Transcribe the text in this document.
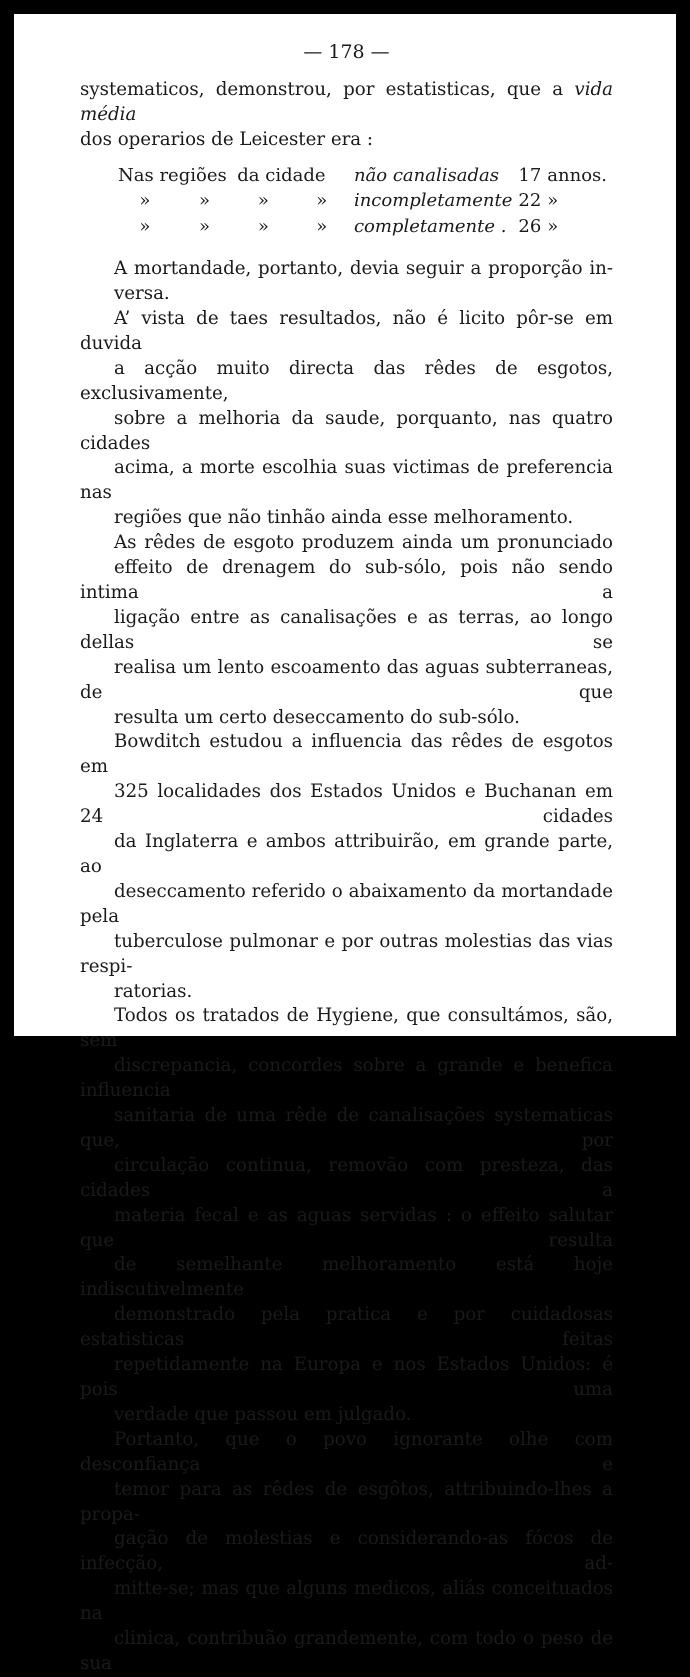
— 178 —

systematicos, demonstrou, por estatisticas, que a vida média
dos operarios de Leicester era :

Nas regiões		da cidade		não canalisadas	17	annos.
»	»	»	»	incompletamente	22	»
»	»	»	»	completamente .	26	»

A mortandade, portanto, devia seguir a proporção in-
versa.

A’ vista de taes resultados, não é licito pôr-se em duvida
a acção muito directa das rêdes de esgotos, exclusivamente,
sobre a melhoria da saude, porquanto, nas quatro cidades
acima, a morte escolhia suas victimas de preferencia nas
regiões que não tinhão ainda esse melhoramento.

As rêdes de esgoto produzem ainda um pronunciado
effeito de drenagem do sub-sólo, pois não sendo intima a
ligação entre as canalisações e as terras, ao longo dellas se
realisa um lento escoamento das aguas subterraneas, de que
resulta um certo deseccamento do sub-sólo.

Bowditch estudou a influencia das rêdes de esgotos em
325 localidades dos Estados Unidos e Buchanan em 24 cidades
da Inglaterra e ambos attribuirão, em grande parte, ao
deseccamento referido o abaixamento da mortandade pela
tuberculose pulmonar e por outras molestias das vias respi-
ratorias.

Todos os tratados de Hygiene, que consultámos, são, sem
discrepancia, concordes sobre a grande e benefica influencia
sanitaria de uma rêde de canalisações systematicas que, por
circulação continua, removão com presteza, das cidades a
materia fecal e as aguas servidas : o effeito salutar que resulta
de semelhante melhoramento está hoje indiscutivelmente
demonstrado pela pratica e por cuidadosas estatisticas feitas
repetidamente na Europa e nos Estados Unidos: é pois uma
verdade que passou em julgado.

Portanto, que o povo ignorante olhe com desconfiança e
temor para as rêdes de esgôtos, attribuindo-lhes a propa-
gação de molestias e considerando-as fócos de infecção, ad-
mitte-se; mas que alguns medicos, aliás conceituados na
clinica, contribuão grandemente, com todo o peso de sua
